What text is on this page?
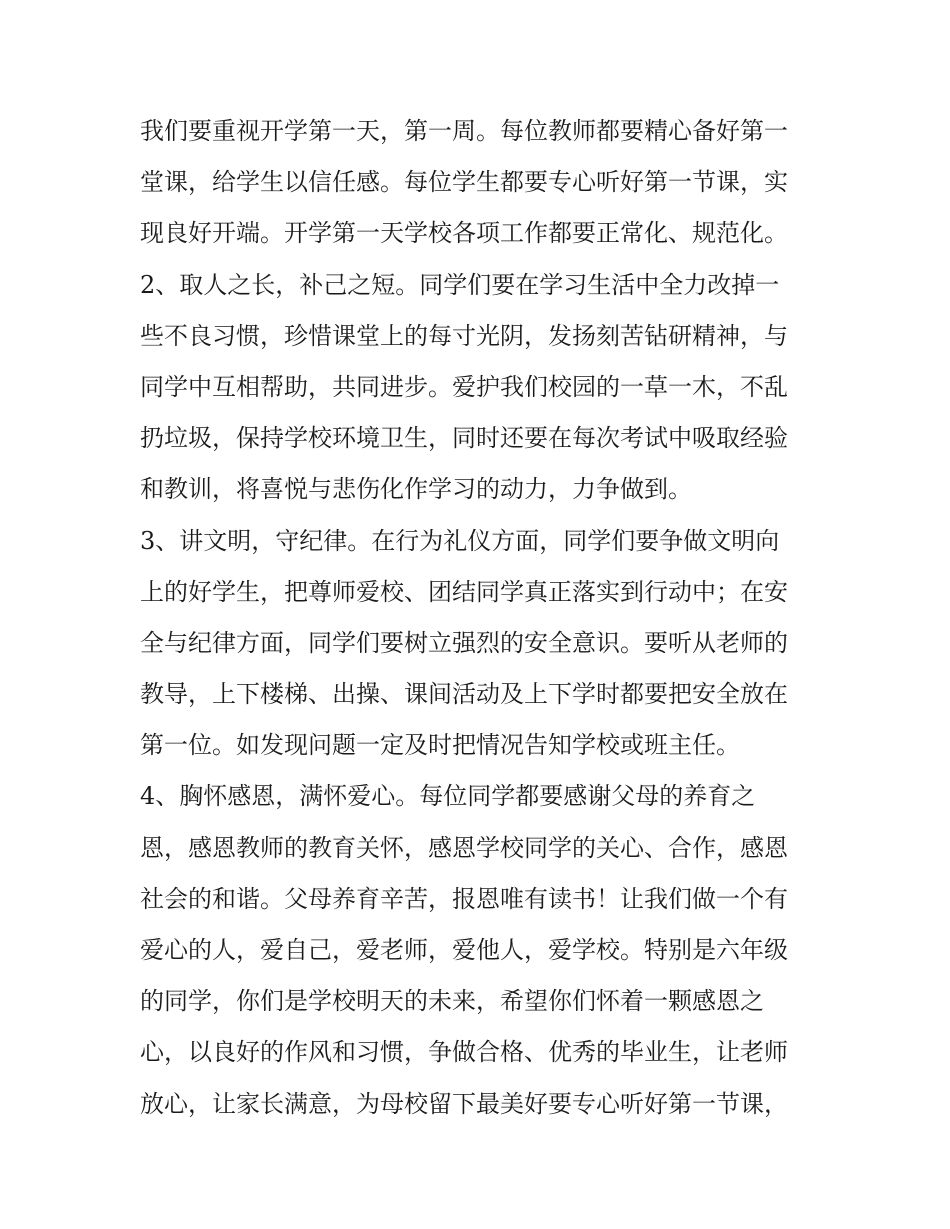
我们要重视开学第一天，第一周。每位教师都要精心备好第一
堂课，给学生以信任感。每位学生都要专心听好第一节课，实
现良好开端。开学第一天学校各项工作都要正常化、规范化。
2、取人之长，补己之短。同学们要在学习生活中全力改掉一
些不良习惯，珍惜课堂上的每寸光阴，发扬刻苦钻研精神，与
同学中互相帮助，共同进步。爱护我们校园的一草一木，不乱
扔垃圾，保持学校环境卫生，同时还要在每次考试中吸取经验
和教训，将喜悦与悲伤化作学习的动力，力争做到。
3、讲文明，守纪律。在行为礼仪方面，同学们要争做文明向
上的好学生，把尊师爱校、团结同学真正落实到行动中；在安
全与纪律方面，同学们要树立强烈的安全意识。要听从老师的
教导，上下楼梯、出操、课间活动及上下学时都要把安全放在
第一位。如发现问题一定及时把情况告知学校或班主任。
4、胸怀感恩，满怀爱心。每位同学都要感谢父母的养育之
恩，感恩教师的教育关怀，感恩学校同学的关心、合作，感恩
社会的和谐。父母养育辛苦，报恩唯有读书！让我们做一个有
爱心的人，爱自己，爱老师，爱他人，爱学校。特别是六年级
的同学，你们是学校明天的未来，希望你们怀着一颗感恩之
心，以良好的作风和习惯，争做合格、优秀的毕业生，让老师
放心，让家长满意，为母校留下最美好要专心听好第一节课，
